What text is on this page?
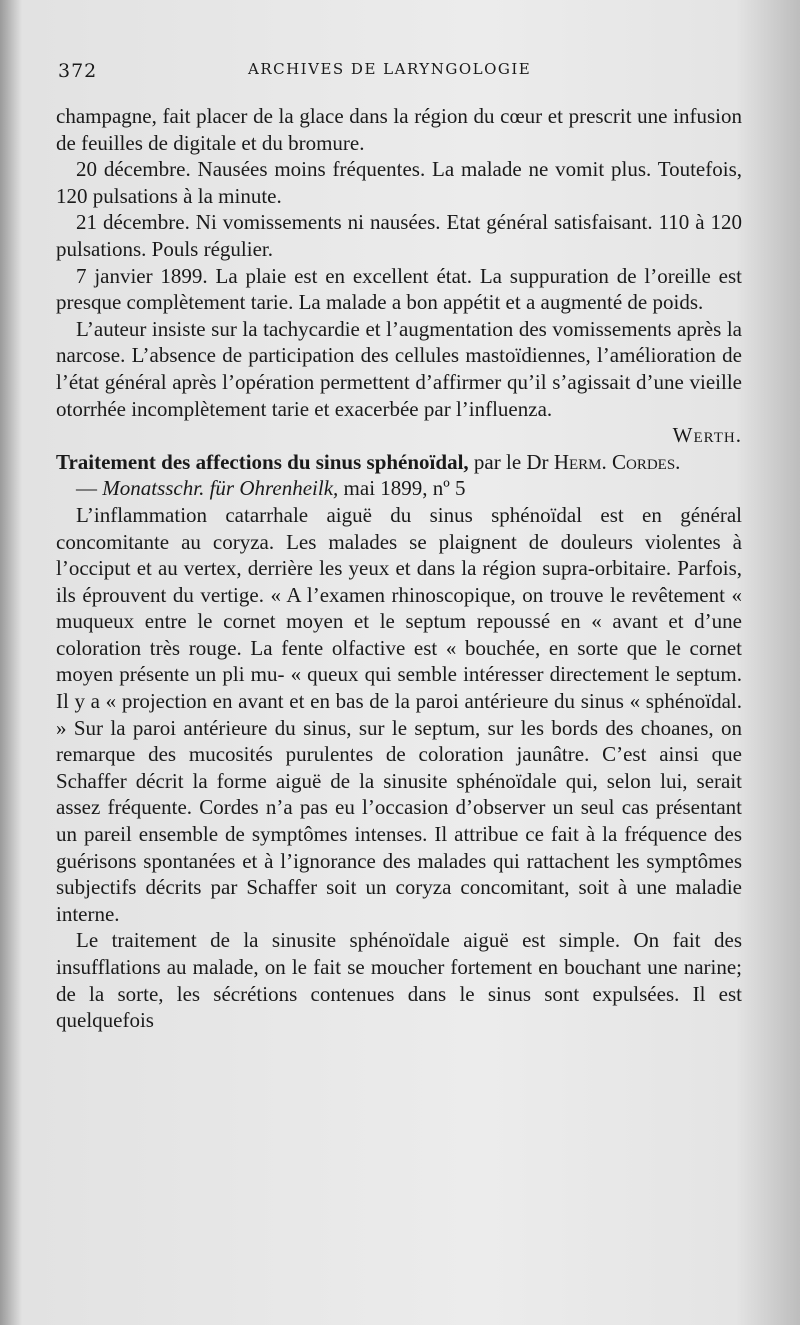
372	ARCHIVES DE LARYNGOLOGIE

champagne, fait placer de la glace dans la région du cœur et prescrit une infusion de feuilles de digitale et du bromure.

20 décembre. Nausées moins fréquentes. La malade ne vomit plus. Toutefois, 120 pulsations à la minute.

21 décembre. Ni vomissements ni nausées. Etat général satisfaisant. 110 à 120 pulsations. Pouls régulier.

7 janvier 1899. La plaie est en excellent état. La suppuration de l’oreille est presque complètement tarie. La malade a bon appétit et a augmenté de poids.

L’auteur insiste sur la tachycardie et l’augmentation des vomissements après la narcose. L’absence de participation des cellules mastoïdiennes, l’amélioration de l’état général après l’opération permettent d’affirmer qu’il s’agissait d’une vieille otorrhée incomplètement tarie et exacerbée par l’influenza.

Werth.

Traitement des affections du sinus sphénoïdal, par le Dr Herm. Cordes.

— Monatsschr. für Ohrenheilk, mai 1899, nº 5

L’inflammation catarrhale aiguë du sinus sphénoïdal est en général concomitante au coryza. Les malades se plaignent de douleurs violentes à l’occiput et au vertex, derrière les yeux et dans la région supra-orbitaire. Parfois, ils éprouvent du vertige. « A l’examen rhinoscopique, on trouve le revêtement « muqueux entre le cornet moyen et le septum repoussé en « avant et d’une coloration très rouge. La fente olfactive est « bouchée, en sorte que le cornet moyen présente un pli mu- « queux qui semble intéresser directement le septum. Il y a « projection en avant et en bas de la paroi antérieure du sinus « sphénoïdal. » Sur la paroi antérieure du sinus, sur le septum, sur les bords des choanes, on remarque des mucosités purulentes de coloration jaunâtre. C’est ainsi que Schaffer décrit la forme aiguë de la sinusite sphénoïdale qui, selon lui, serait assez fréquente. Cordes n’a pas eu l’occasion d’observer un seul cas présentant un pareil ensemble de symptômes intenses. Il attribue ce fait à la fréquence des guérisons spontanées et à l’ignorance des malades qui rattachent les symptômes subjectifs décrits par Schaffer soit un coryza concomitant, soit à une maladie interne.

Le traitement de la sinusite sphénoïdale aiguë est simple. On fait des insufflations au malade, on le fait se moucher fortement en bouchant une narine; de la sorte, les sécrétions contenues dans le sinus sont expulsées. Il est quelquefois
